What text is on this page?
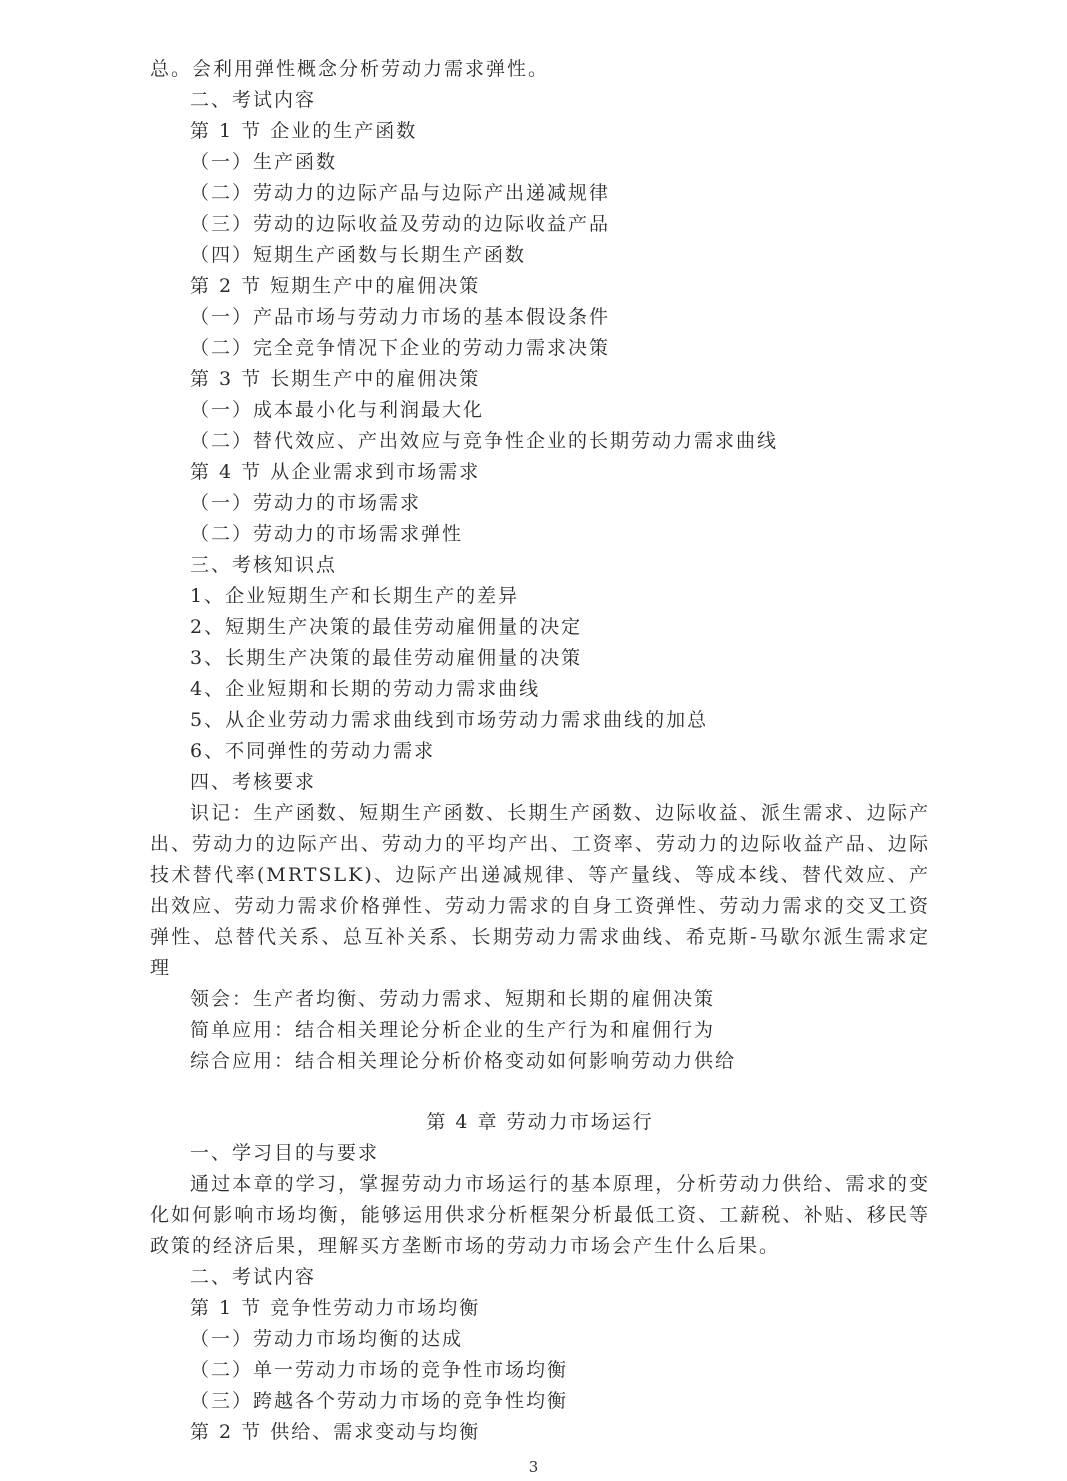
总。会利用弹性概念分析劳动力需求弹性。
二、考试内容
第 1 节 企业的生产函数
（一）生产函数
（二）劳动力的边际产品与边际产出递减规律
（三）劳动的边际收益及劳动的边际收益产品
（四）短期生产函数与长期生产函数
第 2 节 短期生产中的雇佣决策
（一）产品市场与劳动力市场的基本假设条件
（二）完全竞争情况下企业的劳动力需求决策
第 3 节 长期生产中的雇佣决策
（一）成本最小化与利润最大化
（二）替代效应、产出效应与竞争性企业的长期劳动力需求曲线
第 4 节 从企业需求到市场需求
（一）劳动力的市场需求
（二）劳动力的市场需求弹性
三、考核知识点
1、企业短期生产和长期生产的差异
2、短期生产决策的最佳劳动雇佣量的决定
3、长期生产决策的最佳劳动雇佣量的决策
4、企业短期和长期的劳动力需求曲线
5、从企业劳动力需求曲线到市场劳动力需求曲线的加总
6、不同弹性的劳动力需求
四、考核要求

识记：生产函数、短期生产函数、长期生产函数、边际收益、派生需求、边际产出、劳动力的边际产出、劳动力的平均产出、工资率、劳动力的边际收益产品、边际技术替代率(MRTSLK)、边际产出递减规律、等产量线、等成本线、替代效应、产出效应、劳动力需求价格弹性、劳动力需求的自身工资弹性、劳动力需求的交叉工资弹性、总替代关系、总互补关系、长期劳动力需求曲线、希克斯-马歇尔派生需求定理

领会：生产者均衡、劳动力需求、短期和长期的雇佣决策
简单应用：结合相关理论分析企业的生产行为和雇佣行为
综合应用：结合相关理论分析价格变动如何影响劳动力供给
第 4 章 劳动力市场运行
一、学习目的与要求

通过本章的学习，掌握劳动力市场运行的基本原理，分析劳动力供给、需求的变化如何影响市场均衡，能够运用供求分析框架分析最低工资、工薪税、补贴、移民等政策的经济后果，理解买方垄断市场的劳动力市场会产生什么后果。

二、考试内容
第 1 节 竞争性劳动力市场均衡
（一）劳动力市场均衡的达成
（二）单一劳动力市场的竞争性市场均衡
（三）跨越各个劳动力市场的竞争性均衡
第 2 节 供给、需求变动与均衡
3
